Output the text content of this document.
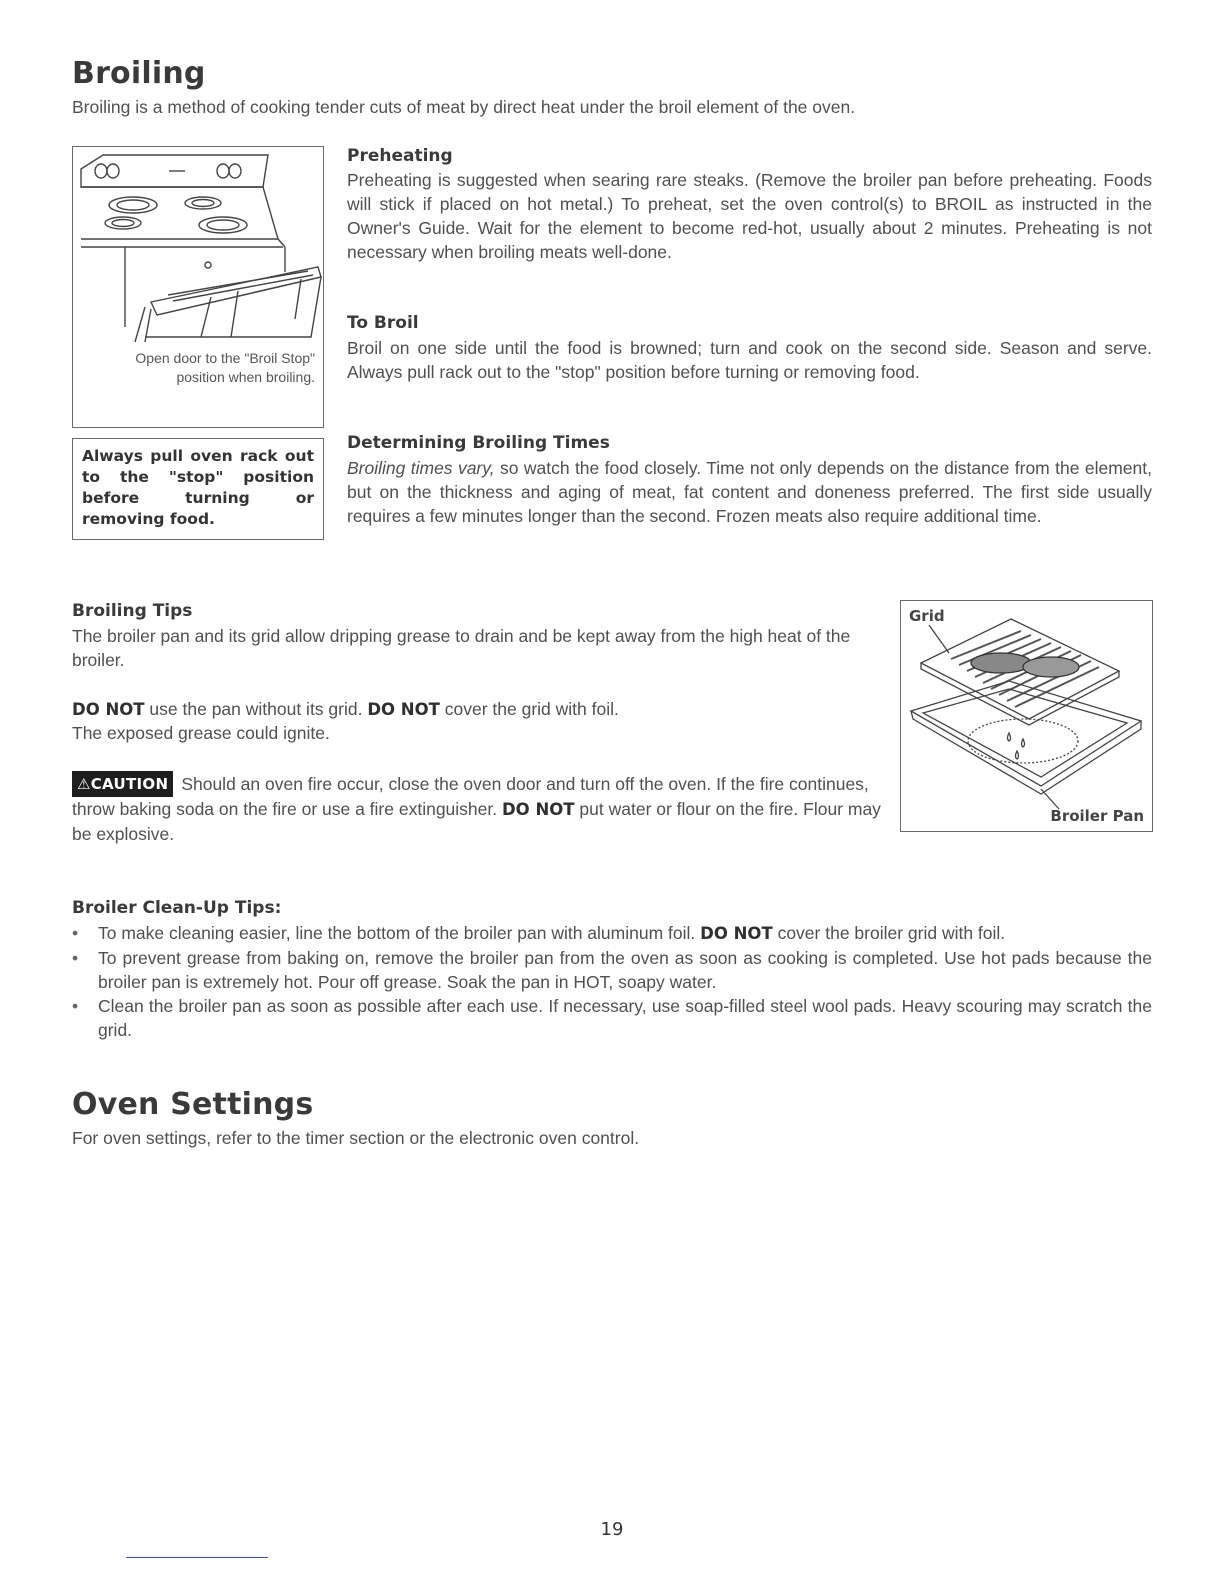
Broiling
Broiling is a method of cooking tender cuts of meat by direct heat under the broil element of the oven.
Open door to the "Broil Stop" position when broiling.
Always pull oven rack out to the "stop" position before turning or removing food.
Preheating
Preheating is suggested when searing rare steaks. (Remove the broiler pan before preheating. Foods will stick if placed on hot metal.) To preheat, set the oven control(s) to BROIL as instructed in the Owner's Guide. Wait for the element to become red-hot, usually about 2 minutes. Preheating is not necessary when broiling meats well-done.
To Broil
Broil on one side until the food is browned; turn and cook on the second side. Season and serve. Always pull rack out to the "stop" position before turning or removing food.
Determining Broiling Times
Broiling times vary, so watch the food closely. Time not only depends on the distance from the element, but on the thickness and aging of meat, fat content and doneness preferred. The first side usually requires a few minutes longer than the second. Frozen meats also require additional time.
Broiling Tips
The broiler pan and its grid allow dripping grease to drain and be kept away from the high heat of the broiler.
DO NOT use the pan without its grid. DO NOT cover the grid with foil.
The exposed grease could ignite.
⚠CAUTION Should an oven fire occur, close the oven door and turn off the oven. If the fire continues, throw baking soda on the fire or use a fire extinguisher. DO NOT put water or flour on the fire. Flour may be explosive.
Grid
Broiler Pan
Broiler Clean-Up Tips:
• To make cleaning easier, line the bottom of the broiler pan with aluminum foil. DO NOT cover the broiler grid with foil.
• To prevent grease from baking on, remove the broiler pan from the oven as soon as cooking is completed. Use hot pads because the broiler pan is extremely hot. Pour off grease. Soak the pan in HOT, soapy water.
• Clean the broiler pan as soon as possible after each use. If necessary, use soap-filled steel wool pads. Heavy scouring may scratch the grid.
Oven Settings
For oven settings, refer to the timer section or the electronic oven control.
19
